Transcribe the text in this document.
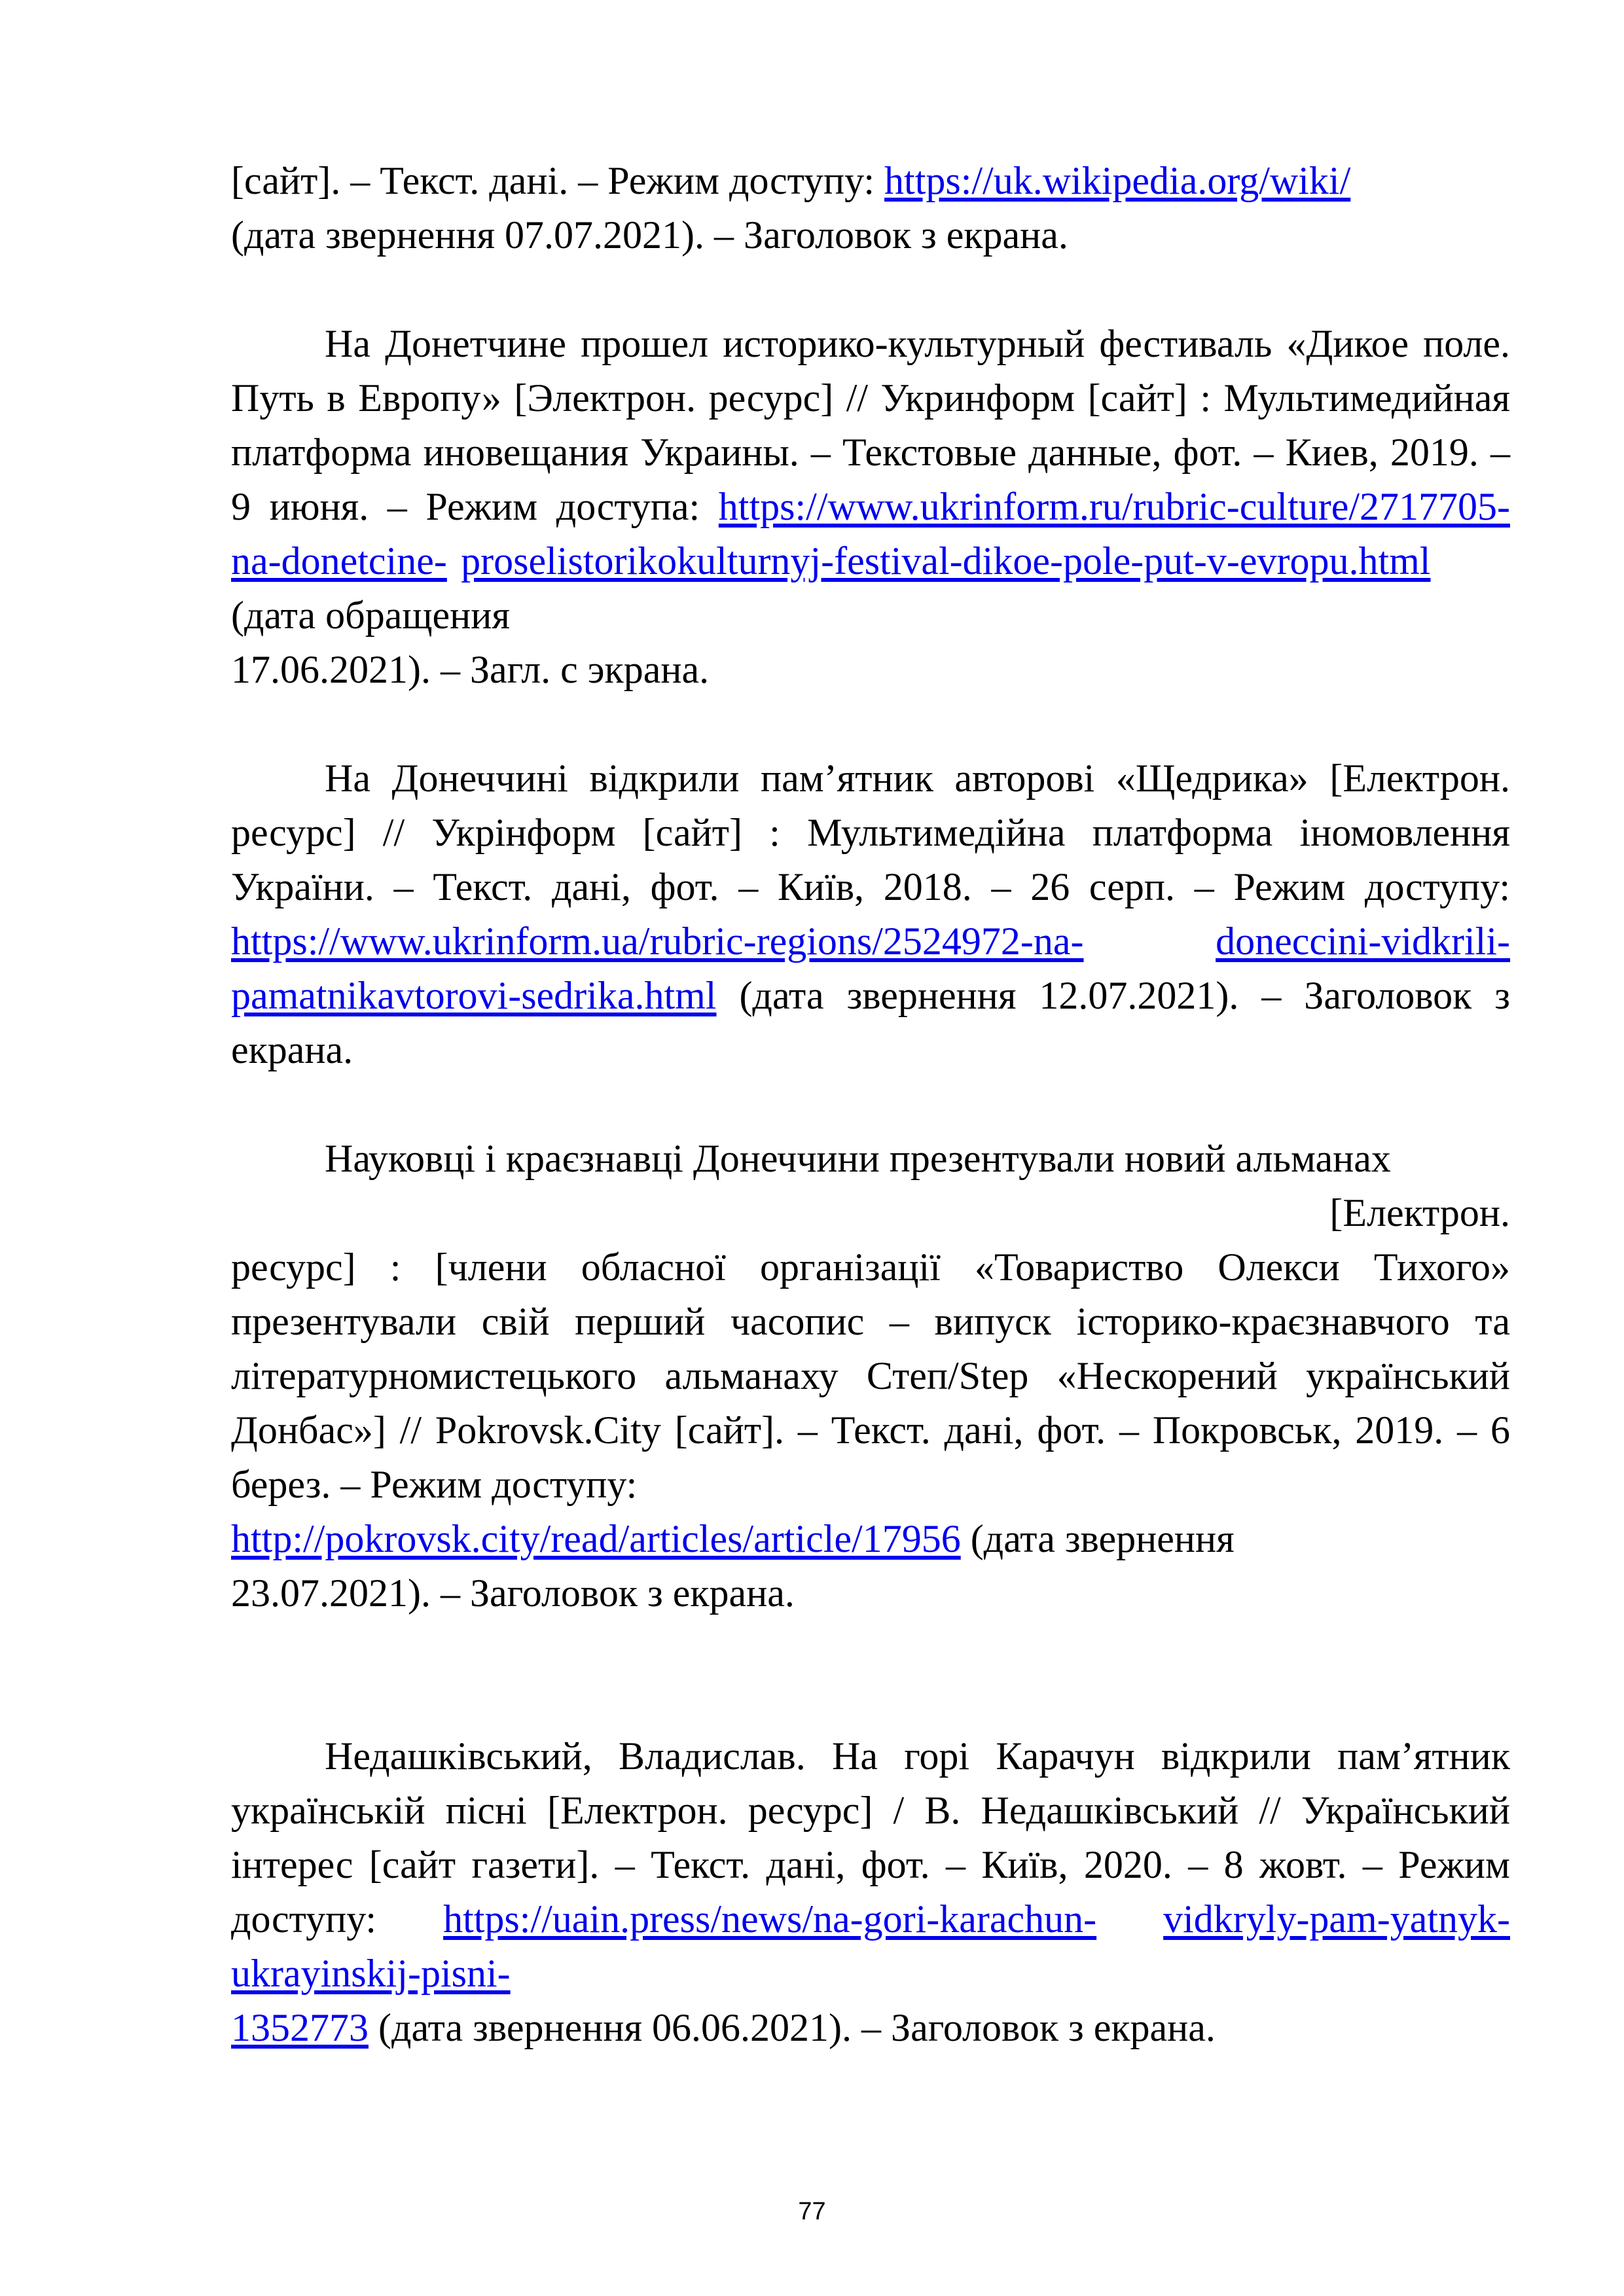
[сайт]. – Текст. дані. – Режим доступу: https://uk.wikipedia.org/wiki/
(дата звернення 07.07.2021). – Заголовок з екрана.

На Донетчине прошел историко-культурный фестиваль «Дикое поле. Путь в Европу» [Электрон. ресурс] // Укринформ [сайт] : Мультимедийная платформа иновещания Украины. – Текстовые данные, фот. – Киев, 2019. – 9 июня. – Режим доступа: https://www.ukrinform.ru/rubric-culture/2717705-na-donetcine- proselistorikokulturnyj-festival-dikoe-pole-put-v-evropu.html       (дата обращения
17.06.2021). – Загл. с экрана.

На Донеччині відкрили пам’ятник авторові «Щедрика» [Електрон. ресурс] // Укрінформ [сайт] : Мультимедійна платформа іномовлення України. – Текст. дані, фот. – Київ, 2018. – 26 серп. – Режим доступу: https://www.ukrinform.ua/rubric-regions/2524972-na-	doneccini-vidkrili-pamatnikavtorovi-sedrika.html (дата звернення 12.07.2021). – Заголовок з екрана.

Науковці і краєзнавці Донеччини презентували новий альманах

[Електрон.

ресурс] : [члени обласної організації «Товариство Олекси Тихого» презентували свій перший часопис – випуск історико-краєзнавчого та літературномистецького альманаху Степ/Step «Нескорений український Донбас»] // Pokrovsk.City [сайт]. – Текст. дані, фот. – Покровськ, 2019. – 6 берез. – Режим доступу:
http://pokrovsk.city/read/articles/article/17956 (дата звернення
23.07.2021). – Заголовок з екрана.

Недашківський, Владислав. На горі Карачун відкрили пам’ятник українській пісні [Електрон. ресурс] / В. Недашківський // Український інтерес [сайт газети]. – Текст. дані, фот. – Київ, 2020. – 8 жовт. – Режим доступу: https://uain.press/news/na-gori-karachun- vidkryly-pam-yatnyk-ukrayinskij-pisni-
1352773 (дата звернення 06.06.2021). – Заголовок з екрана.

77
